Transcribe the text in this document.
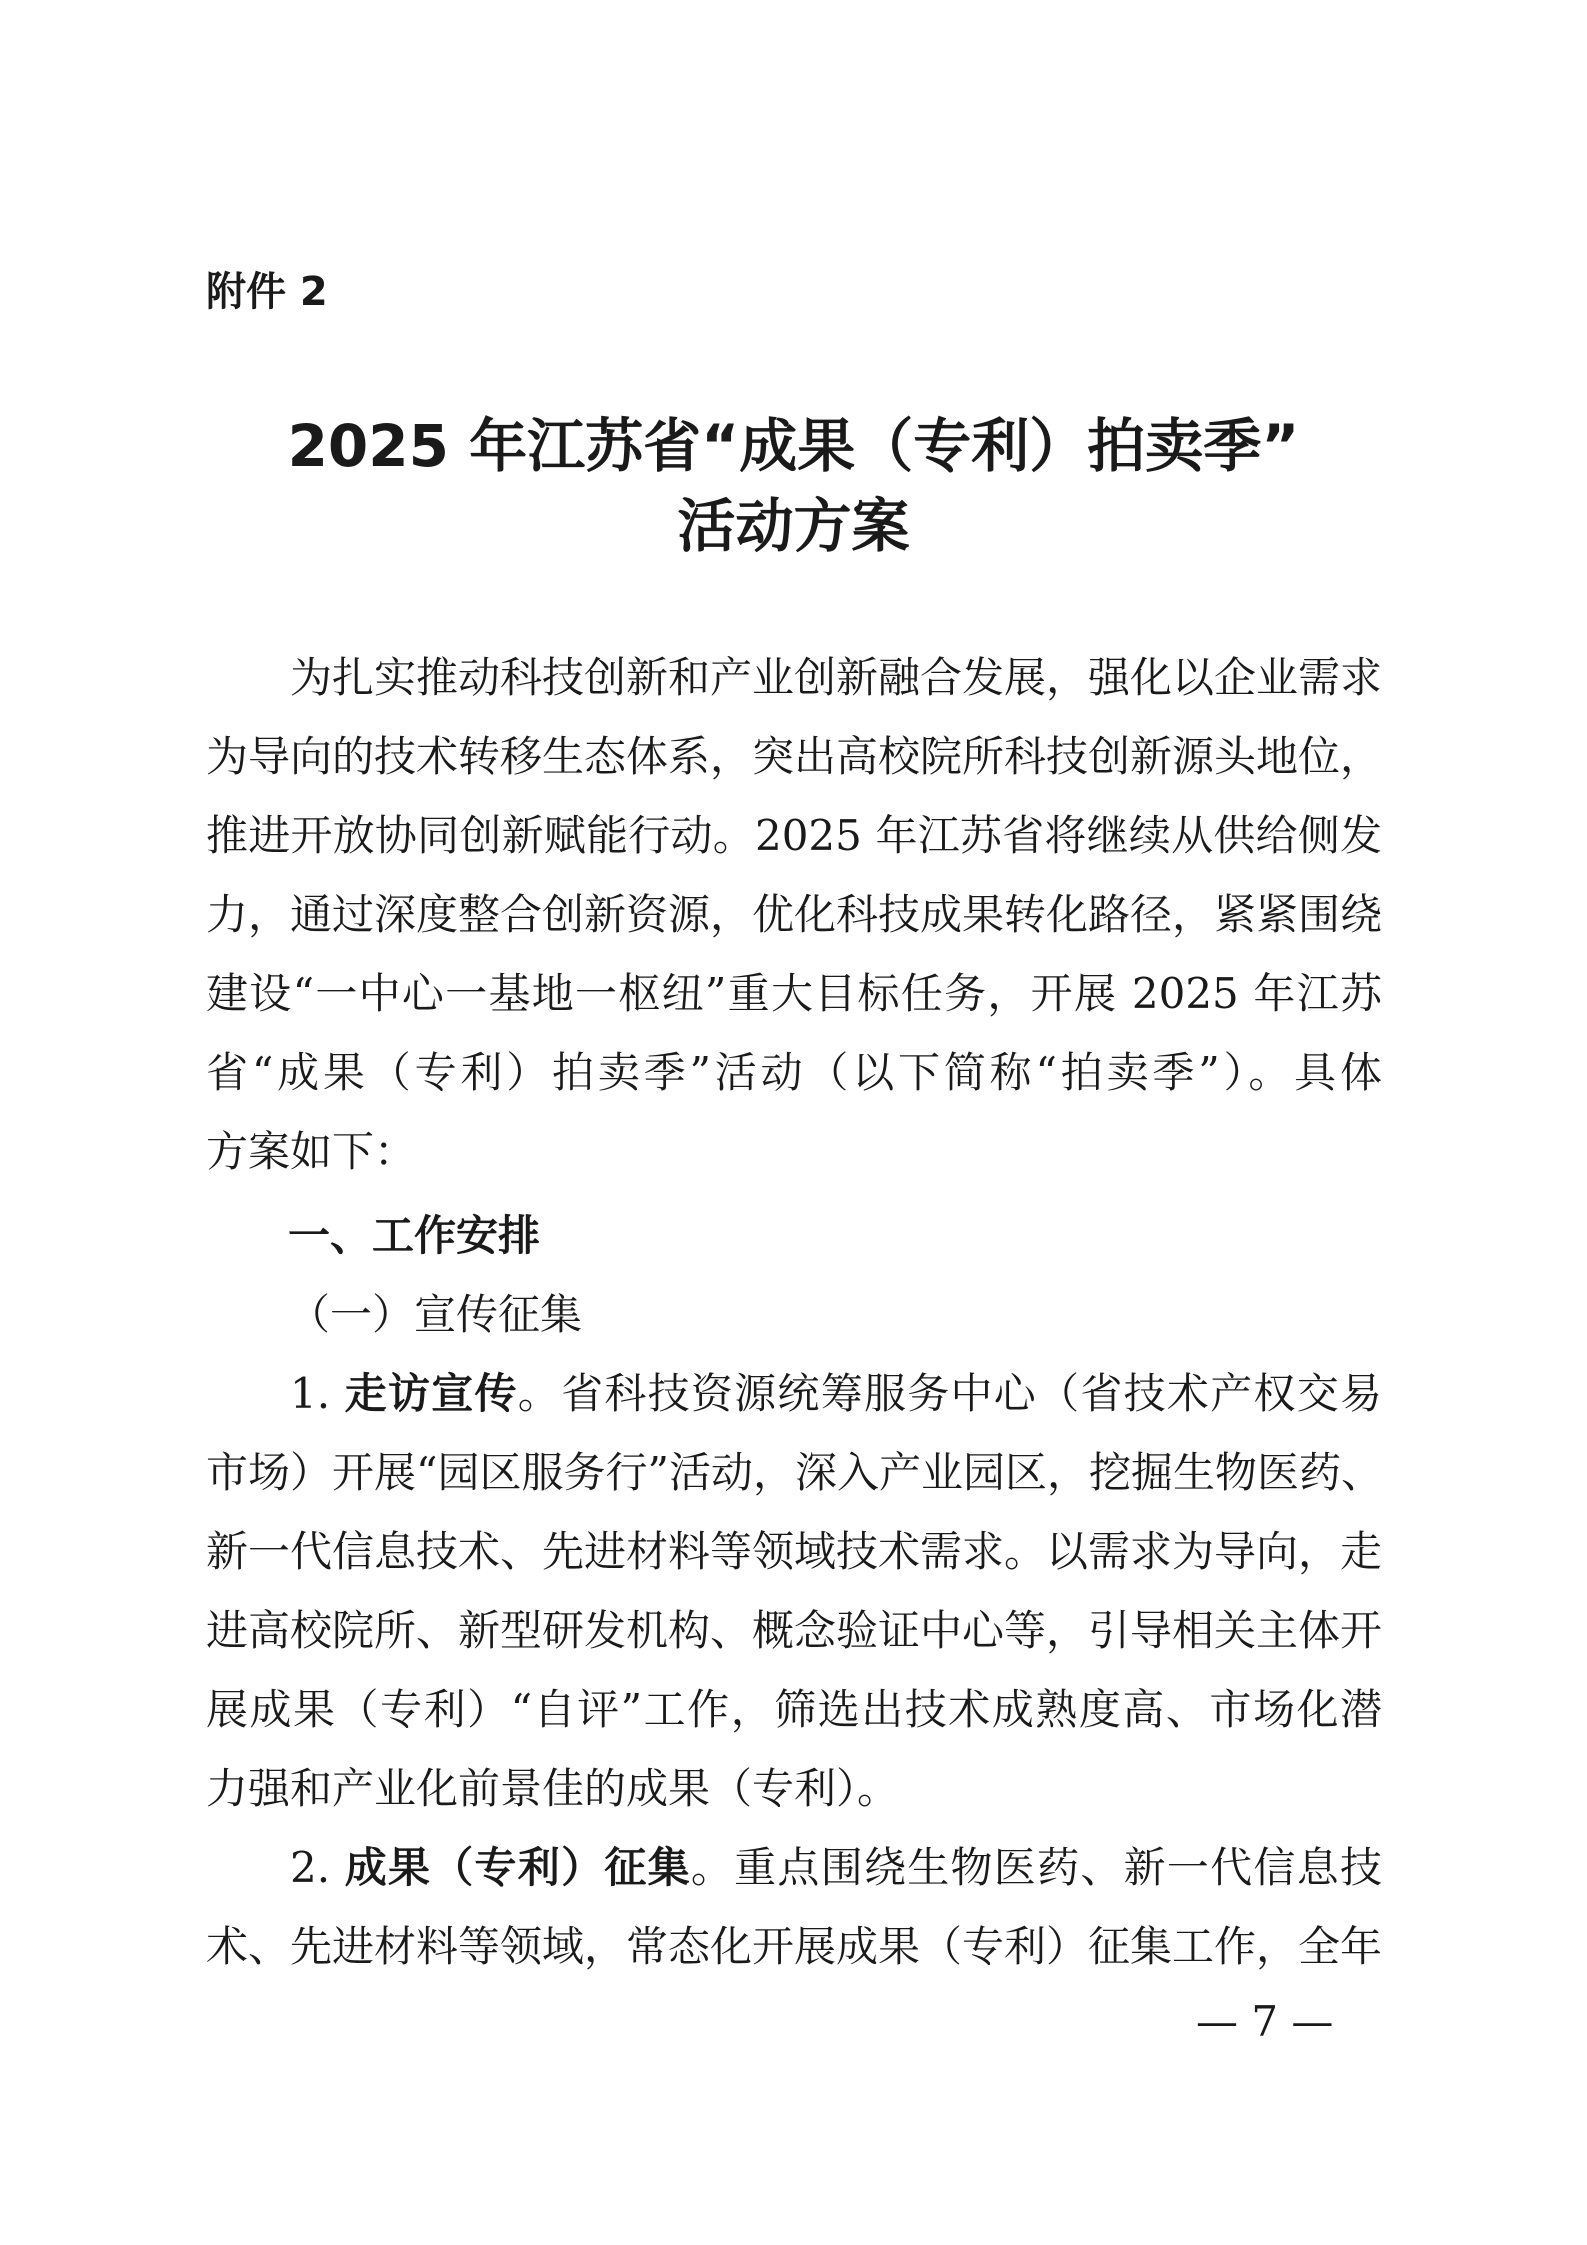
附件 2
2025 年江苏省“成果（专利）拍卖季”
活动方案
为扎实推动科技创新和产业创新融合发展，强化以企业需求
为导向的技术转移生态体系，突出高校院所科技创新源头地位，
推进开放协同创新赋能行动。2025 年江苏省将继续从供给侧发
力，通过深度整合创新资源，优化科技成果转化路径，紧紧围绕
建设“一中心一基地一枢纽”重大目标任务，开展 2025 年江苏
省“成果（专利）拍卖季”活动（以下简称“拍卖季”）。具体
方案如下：
一、工作安排
（一）宣传征集
1. 走访宣传。省科技资源统筹服务中心（省技术产权交易
市场）开展“园区服务行”活动，深入产业园区，挖掘生物医药、
新一代信息技术、先进材料等领域技术需求。以需求为导向，走
进高校院所、新型研发机构、概念验证中心等，引导相关主体开
展成果（专利）“自评”工作，筛选出技术成熟度高、市场化潜
力强和产业化前景佳的成果（专利）。
2. 成果（专利）征集。重点围绕生物医药、新一代信息技
术、先进材料等领域，常态化开展成果（专利）征集工作，全年
— 7 —
